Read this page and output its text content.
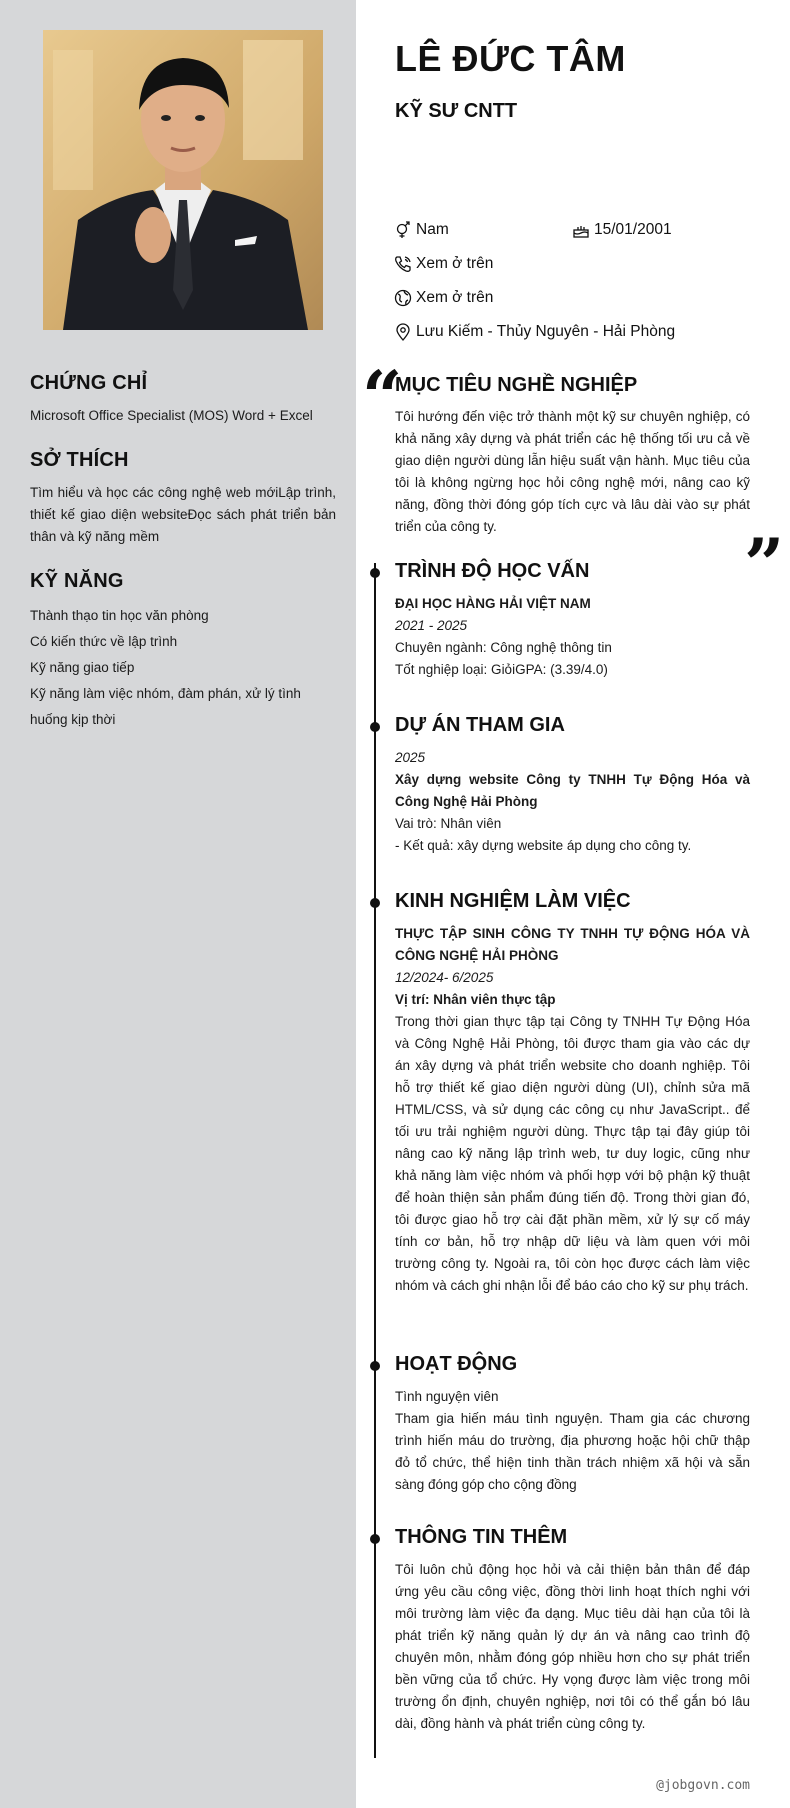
CHỨNG CHỈ
Microsoft Office Specialist (MOS) Word + Excel
SỞ THÍCH
Tìm hiểu và học các công nghệ web mớiLập trình, thiết kế giao diện websiteĐọc sách phát triển bản thân và kỹ năng mềm
KỸ NĂNG
Thành thạo tin học văn phòng
Có kiến thức về lập trình
Kỹ năng giao tiếp
Kỹ năng làm việc nhóm, đàm phán, xử lý tình huống kịp thời
LÊ ĐỨC TÂM
KỸ SƯ CNTT
Nam	15/01/2001
Xem ở trên
Xem ở trên
Lưu Kiếm - Thủy Nguyên - Hải Phòng
“
”
MỤC TIÊU NGHỀ NGHIỆP
Tôi hướng đến việc trở thành một kỹ sư chuyên nghiệp, có khả năng xây dựng và phát triển các hệ thống tối ưu cả về giao diện người dùng lẫn hiệu suất vận hành. Mục tiêu của tôi là không ngừng học hỏi công nghệ mới, nâng cao kỹ năng, đồng thời đóng góp tích cực và lâu dài vào sự phát triển của công ty.
TRÌNH ĐỘ HỌC VẤN
ĐẠI HỌC HÀNG HẢI VIỆT NAM
2021 - 2025
Chuyên ngành: Công nghệ thông tin
Tốt nghiệp loại: GiỏiGPA: (3.39/4.0)
DỰ ÁN THAM GIA
2025
Xây dựng website Công ty TNHH Tự Động Hóa và Công Nghệ Hải Phòng
Vai trò: Nhân viên
- Kết quả: xây dựng website áp dụng cho công ty.
KINH NGHIỆM LÀM VIỆC
THỰC TẬP SINH CÔNG TY TNHH TỰ ĐỘNG HÓA VÀ CÔNG NGHỆ HẢI PHÒNG
12/2024- 6/2025
Vị trí: Nhân viên thực tập
Trong thời gian thực tập tại Công ty TNHH Tự Động Hóa và Công Nghệ Hải Phòng, tôi được tham gia vào các dự án xây dựng và phát triển website cho doanh nghiệp. Tôi hỗ trợ thiết kế giao diện người dùng (UI), chỉnh sửa mã HTML/CSS, và sử dụng các công cụ như JavaScript.. để tối ưu trải nghiệm người dùng. Thực tập tại đây giúp tôi nâng cao kỹ năng lập trình web, tư duy logic, cũng như khả năng làm việc nhóm và phối hợp với bộ phận kỹ thuật để hoàn thiện sản phẩm đúng tiến độ. Trong thời gian đó, tôi được giao hỗ trợ cài đặt phần mềm, xử lý sự cố máy tính cơ bản, hỗ trợ nhập dữ liệu và làm quen với môi trường công ty. Ngoài ra, tôi còn học được cách làm việc nhóm và cách ghi nhận lỗi để báo cáo cho kỹ sư phụ trách.
HOẠT ĐỘNG
Tình nguyện viên
Tham gia hiến máu tình nguyện. Tham gia các chương trình hiến máu do trường, địa phương hoặc hội chữ thập đỏ tổ chức, thể hiện tinh thần trách nhiệm xã hội và sẵn sàng đóng góp cho cộng đồng
THÔNG TIN THÊM
Tôi luôn chủ động học hỏi và cải thiện bản thân để đáp ứng yêu cầu công việc, đồng thời linh hoạt thích nghi với môi trường làm việc đa dạng. Mục tiêu dài hạn của tôi là phát triển kỹ năng quản lý dự án và nâng cao trình độ chuyên môn, nhằm đóng góp nhiều hơn cho sự phát triển bền vững của tổ chức. Hy vọng được làm việc trong môi trường ổn định, chuyên nghiệp, nơi tôi có thể gắn bó lâu dài, đồng hành và phát triển cùng công ty.
@jobgovn.com
